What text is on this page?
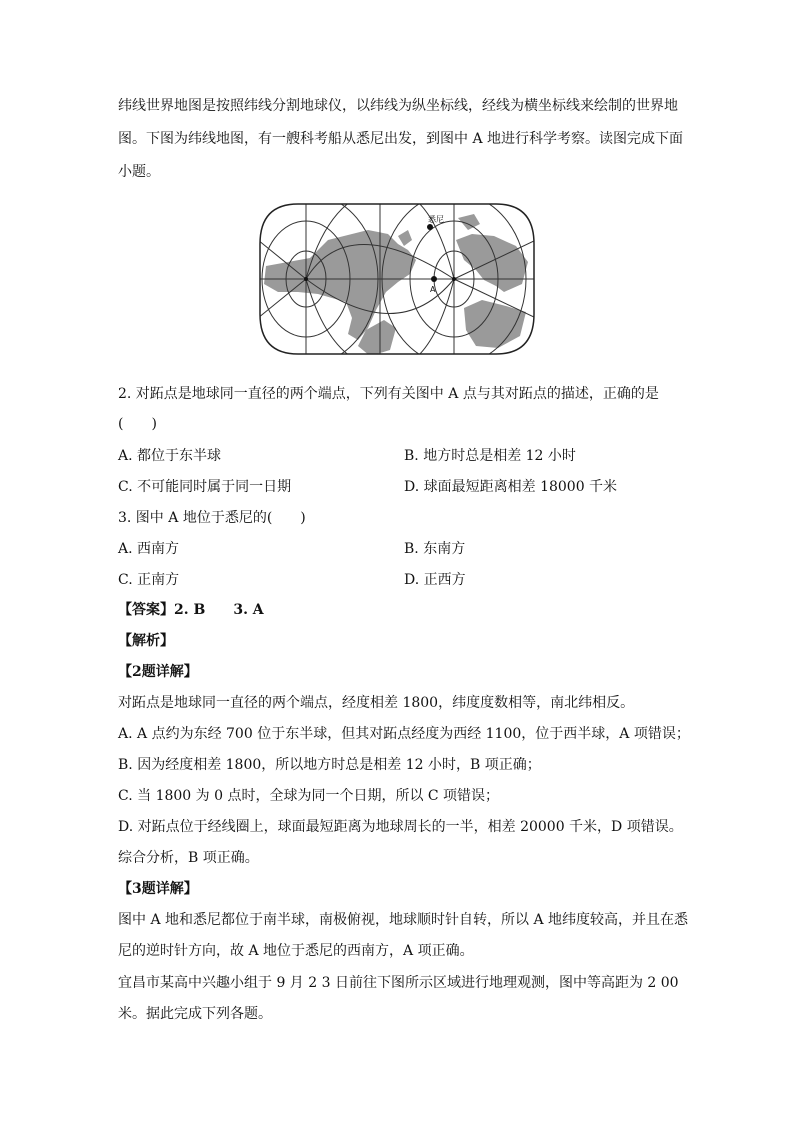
纬线世界地图是按照纬线分割地球仪，以纬线为纵坐标线，经线为横坐标线来绘制的世界地
图。下图为纬线地图，有一艘科考船从悉尼出发，到图中 A 地进行科学考察。读图完成下面
小题。
悉尼
A
2. 对跖点是地球同一直径的两个端点，下列有关图中 A 点与其对跖点的描述，正确的是
(　　)
A. 都位于东半球	B. 地方时总是相差 12 小时
C. 不可能同时属于同一日期	D. 球面最短距离相差 18000 千米
3. 图中 A 地位于悉尼的(　　)
A. 西南方	B. 东南方
C. 正南方	D. 正西方
【答案】2. B　　3. A
【解析】
【2题详解】
对跖点是地球同一直径的两个端点，经度相差 1800，纬度度数相等，南北纬相反。
A. A 点约为东经 700 位于东半球，但其对跖点经度为西经 1100，位于西半球，A 项错误；
B. 因为经度相差 1800，所以地方时总是相差 12 小时，B 项正确；
C. 当 1800 为 0 点时，全球为同一个日期，所以 C 项错误；
D. 对跖点位于经线圈上，球面最短距离为地球周长的一半，相差 20000 千米，D 项错误。
综合分析，B 项正确。
【3题详解】
图中 A 地和悉尼都位于南半球，南极俯视，地球顺时针自转，所以 A 地纬度较高，并且在悉
尼的逆时针方向，故 A 地位于悉尼的西南方，A 项正确。
宜昌市某高中兴趣小组于 9 月 2 3 日前往下图所示区域进行地理观测，图中等高距为 2 00
米。据此完成下列各题。
